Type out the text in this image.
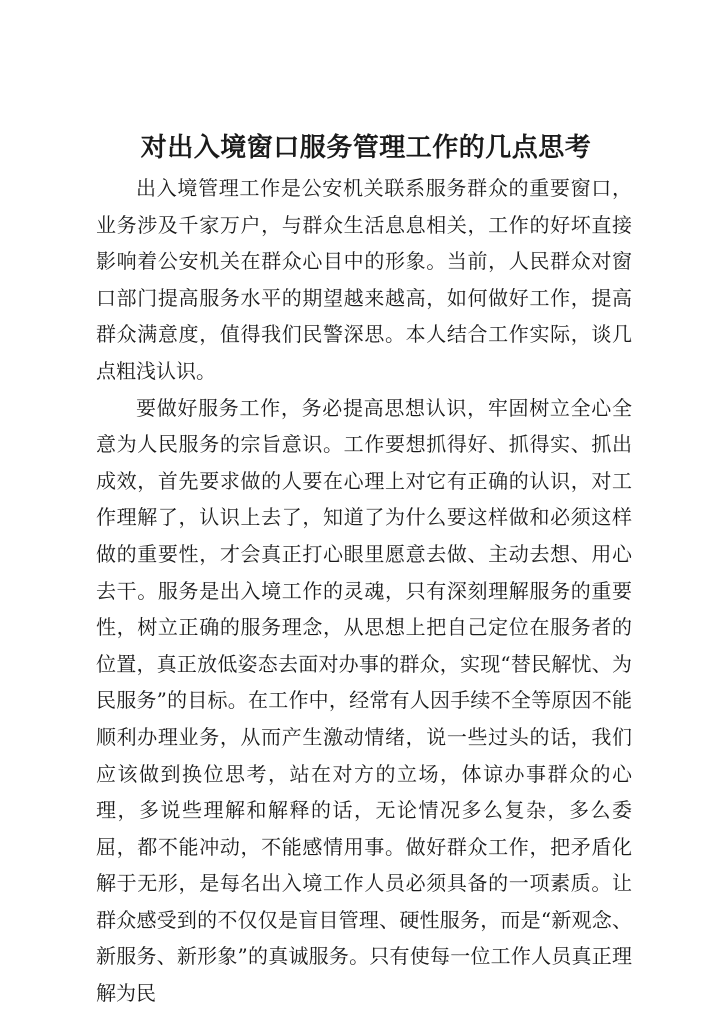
对出入境窗口服务管理工作的几点思考

出入境管理工作是公安机关联系服务群众的重要窗口，业务涉及千家万户，与群众生活息息相关，工作的好坏直接影响着公安机关在群众心目中的形象。当前，人民群众对窗口部门提高服务水平的期望越来越高，如何做好工作，提高群众满意度，值得我们民警深思。本人结合工作实际，谈几点粗浅认识。

要做好服务工作，务必提高思想认识，牢固树立全心全意为人民服务的宗旨意识。工作要想抓得好、抓得实、抓出成效，首先要求做的人要在心理上对它有正确的认识，对工作理解了，认识上去了，知道了为什么要这样做和必须这样做的重要性，才会真正打心眼里愿意去做、主动去想、用心去干。服务是出入境工作的灵魂，只有深刻理解服务的重要性，树立正确的服务理念，从思想上把自己定位在服务者的位置，真正放低姿态去面对办事的群众，实现“替民解忧、为民服务”的目标。在工作中，经常有人因手续不全等原因不能顺利办理业务，从而产生激动情绪，说一些过头的话，我们应该做到换位思考，站在对方的立场，体谅办事群众的心理，多说些理解和解释的话，无论情况多么复杂，多么委屈，都不能冲动，不能感情用事。做好群众工作，把矛盾化解于无形，是每名出入境工作人员必须具备的一项素质。让群众感受到的不仅仅是盲目管理、硬性服务，而是“新观念、新服务、新形象”的真诚服务。只有使每一位工作人员真正理解为民
